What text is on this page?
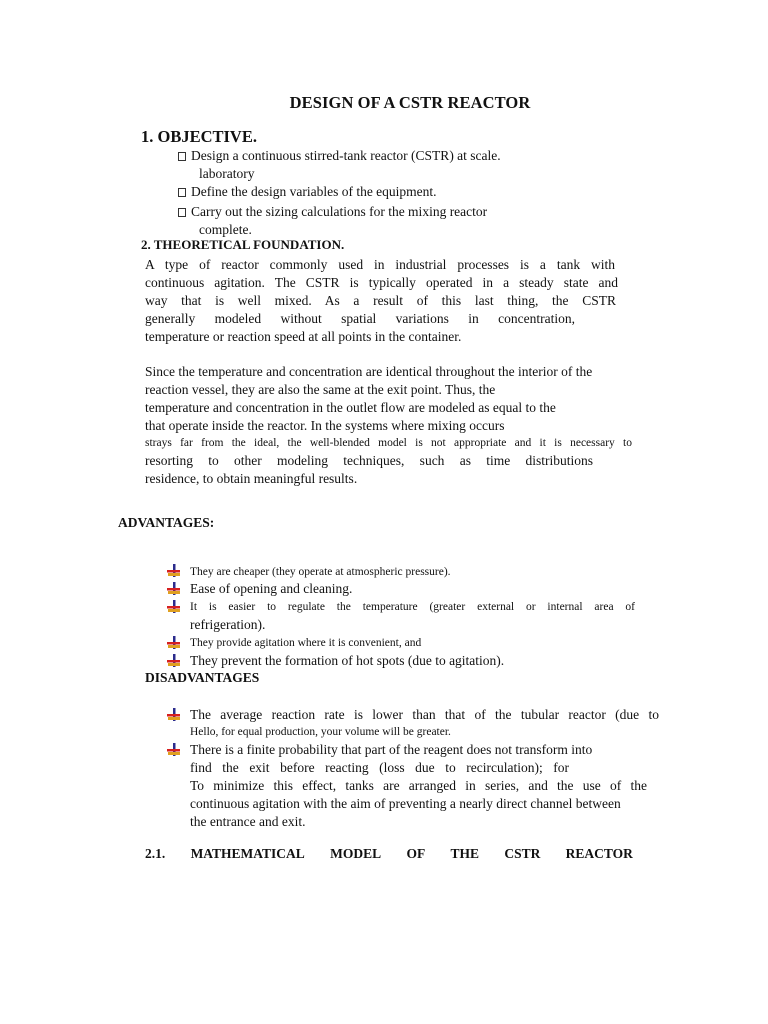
DESIGN OF A CSTR REACTOR
1. OBJECTIVE.
Design a continuous stirred-tank reactor (CSTR) at scale.
laboratory
Define the design variables of the equipment.
Carry out the sizing calculations for the mixing reactor
complete.
2. THEORETICAL FOUNDATION.
A type of reactor commonly used in industrial processes is a tank with
continuous agitation. The CSTR is typically operated in a steady state and
way that is well mixed. As a result of this last thing, the CSTR
generally modeled without spatial variations in concentration,
temperature or reaction speed at all points in the container.
Since the temperature and concentration are identical throughout the interior of the
reaction vessel, they are also the same at the exit point. Thus, the
temperature and concentration in the outlet flow are modeled as equal to the
that operate inside the reactor. In the systems where mixing occurs
strays far from the ideal, the well-blended model is not appropriate and it is necessary to
resorting to other modeling techniques, such as time distributions
residence, to obtain meaningful results.
ADVANTAGES:
They are cheaper (they operate at atmospheric pressure).
Ease of opening and cleaning.
It is easier to regulate the temperature (greater external or internal area of
refrigeration).
They provide agitation where it is convenient, and
They prevent the formation of hot spots (due to agitation).
DISADVANTAGES
The average reaction rate is lower than that of the tubular reactor (due to
Hello, for equal production, your volume will be greater.
There is a finite probability that part of the reagent does not transform into
find the exit before reacting (loss due to recirculation); for
To minimize this effect, tanks are arranged in series, and the use of the
continuous agitation with the aim of preventing a nearly direct channel between
the entrance and exit.
2.1. MATHEMATICAL MODEL OF THE CSTR REACTOR
